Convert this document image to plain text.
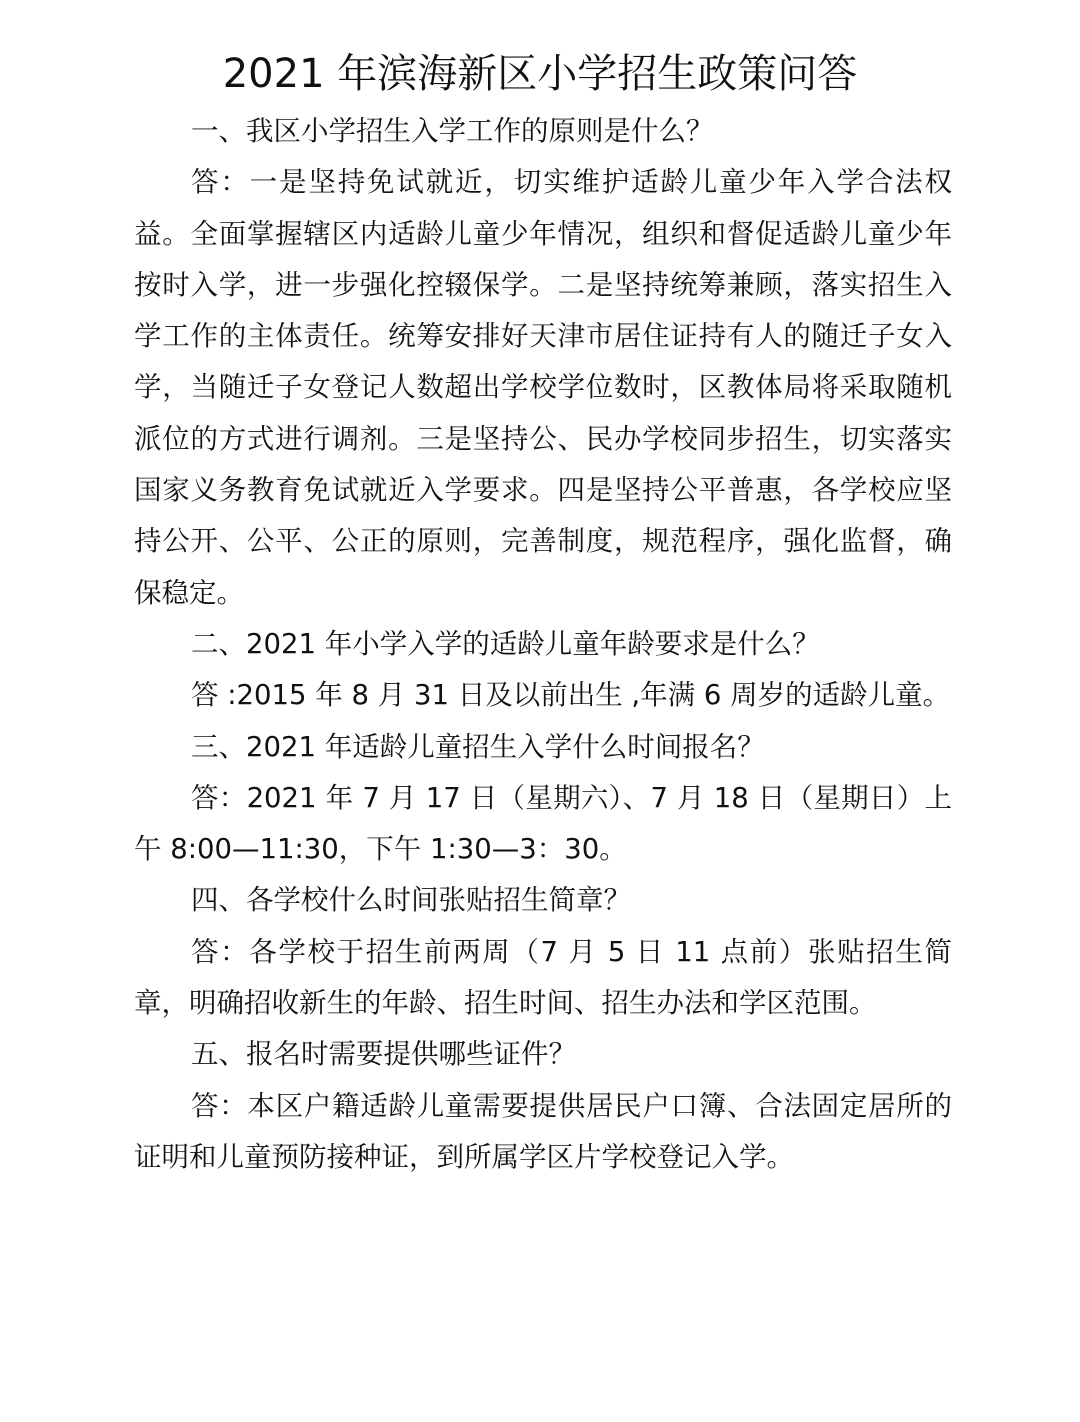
2021 年滨海新区小学招生政策问答

一、我区小学招生入学工作的原则是什么？

答：一是坚持免试就近，切实维护适龄儿童少年入学合法权益。全面掌握辖区内适龄儿童少年情况，组织和督促适龄儿童少年按时入学，进一步强化控辍保学。二是坚持统筹兼顾，落实招生入学工作的主体责任。统筹安排好天津市居住证持有人的随迁子女入学，当随迁子女登记人数超出学校学位数时，区教体局将采取随机派位的方式进行调剂。三是坚持公、民办学校同步招生，切实落实国家义务教育免试就近入学要求。四是坚持公平普惠，各学校应坚持公开、公平、公正的原则，完善制度，规范程序，强化监督，确保稳定。

二、2021 年小学入学的适龄儿童年龄要求是什么？

答 :2015 年 8 月 31 日及以前出生 ,年满 6 周岁的适龄儿童。

三、2021 年适龄儿童招生入学什么时间报名？

答：2021 年 7 月 17 日（星期六）、7 月 18 日（星期日）上午 8:00—11:30，下午 1:30—3：30。

四、各学校什么时间张贴招生简章？

答：各学校于招生前两周（7 月 5 日 11 点前）张贴招生简章，明确招收新生的年龄、招生时间、招生办法和学区范围。

五、报名时需要提供哪些证件？

答：本区户籍适龄儿童需要提供居民户口簿、合法固定居所的证明和儿童预防接种证，到所属学区片学校登记入学。
